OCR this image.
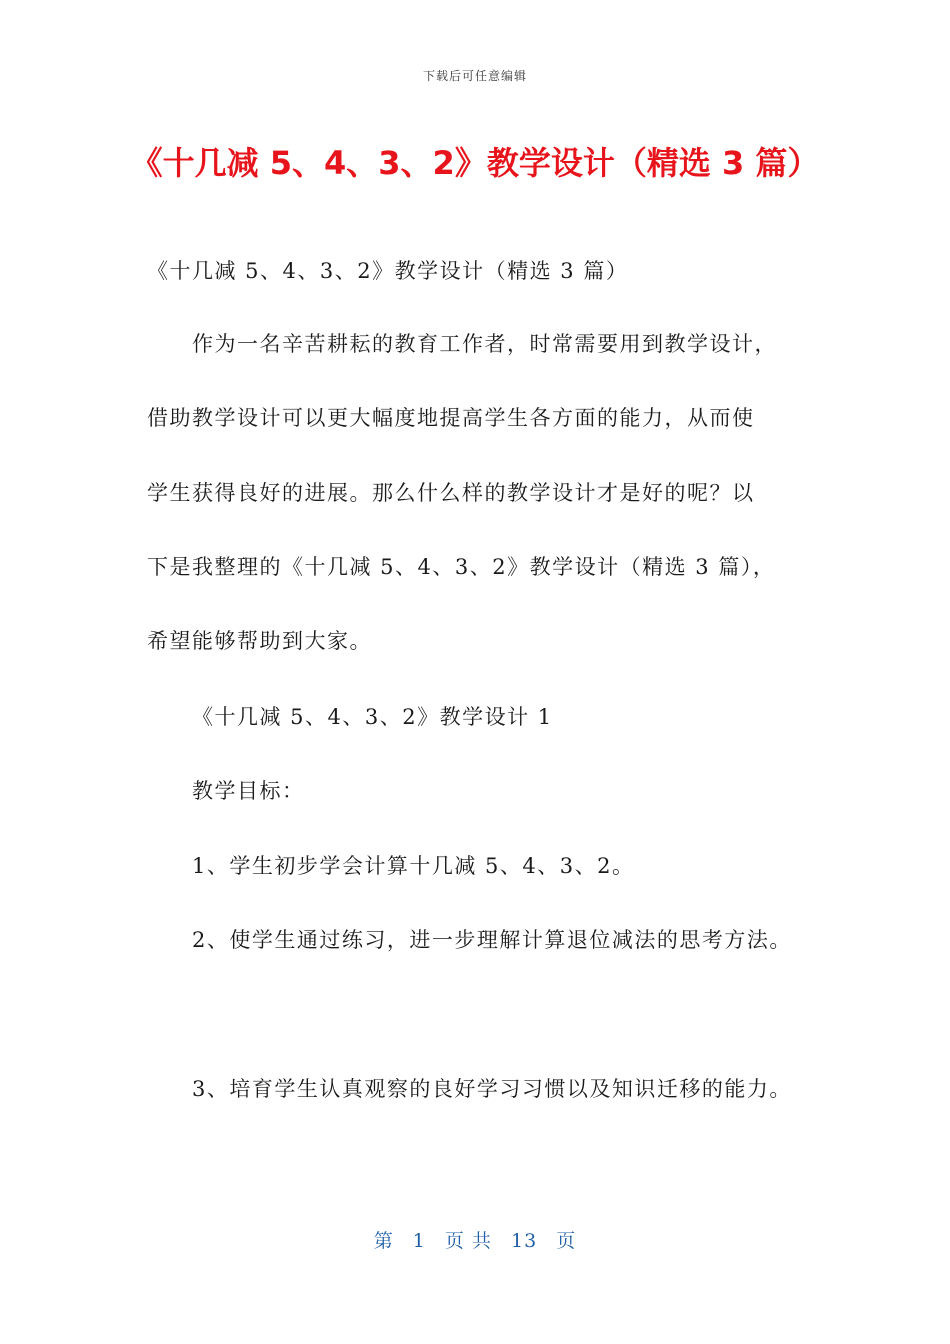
下载后可任意编辑
《十几减 5、4、3、2》教学设计（精选 3 篇）

《十几减 5、4、3、2》教学设计（精选 3 篇）

作为一名辛苦耕耘的教育工作者，时常需要用到教学设计，

借助教学设计可以更大幅度地提高学生各方面的能力，从而使

学生获得良好的进展。那么什么样的教学设计才是好的呢？以

下是我整理的《十几减 5、4、3、2》教学设计（精选 3 篇），

希望能够帮助到大家。

《十几减 5、4、3、2》教学设计 1

教学目标：

1、学生初步学会计算十几减 5、4、3、2。

2、使学生通过练习，进一步理解计算退位减法的思考方法。

3、培育学生认真观察的良好学习习惯以及知识迁移的能力。

第 1 页 共 13 页
